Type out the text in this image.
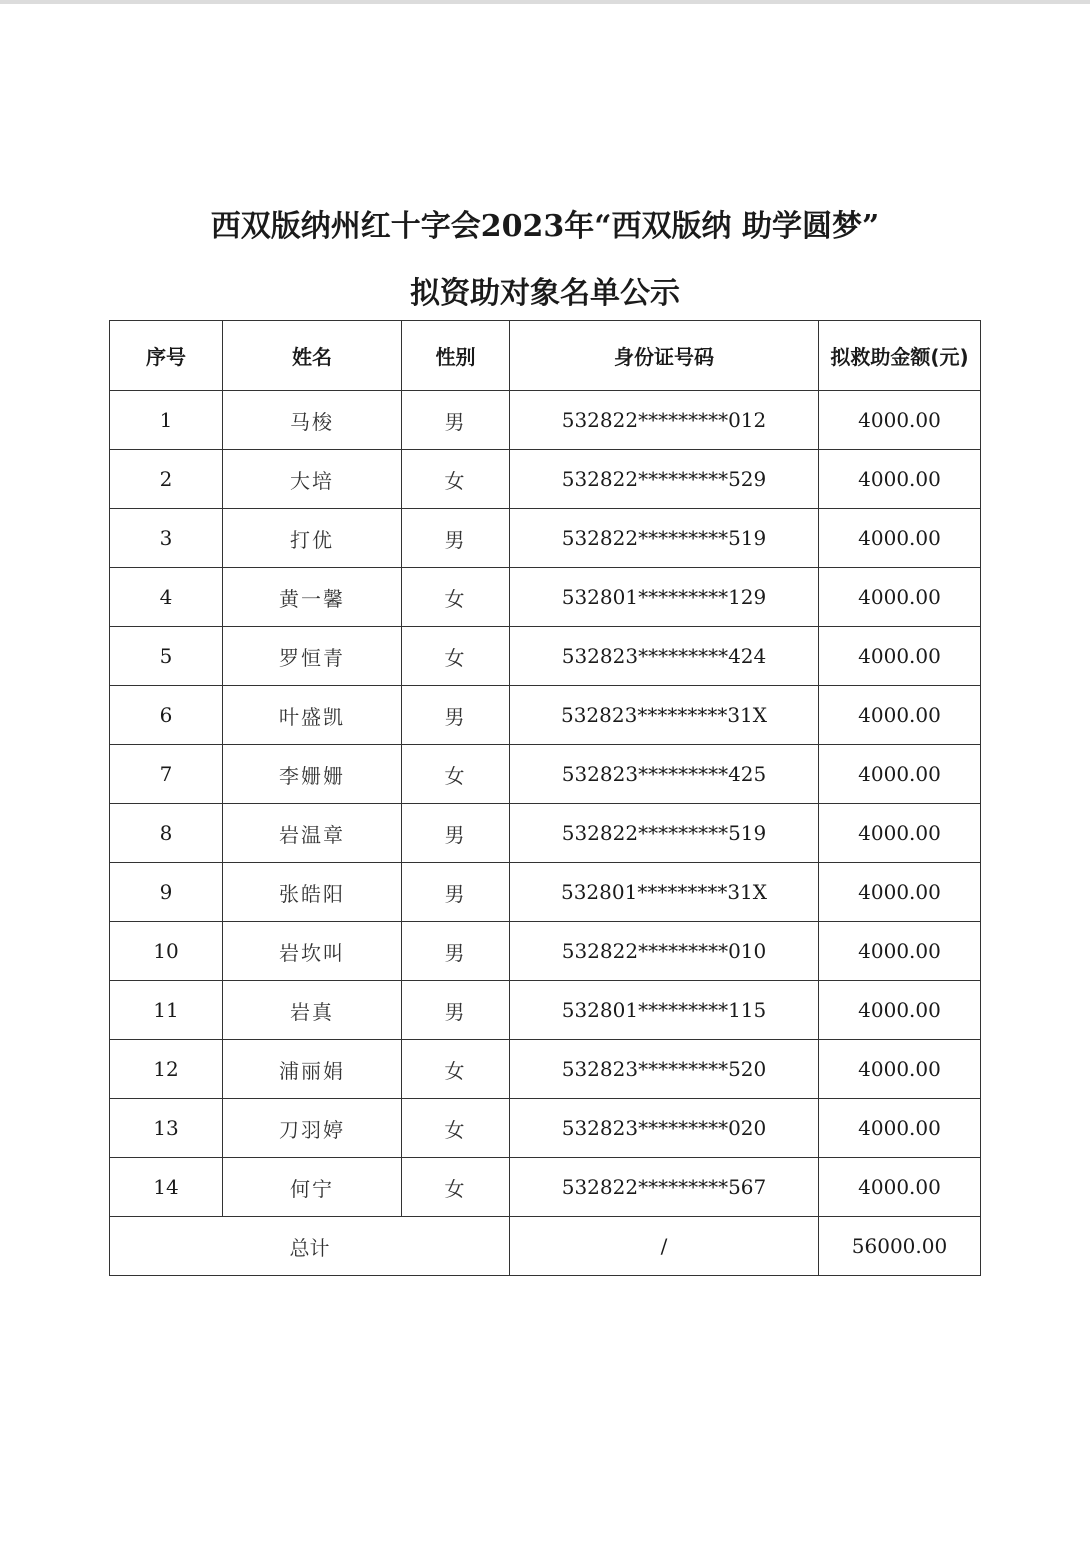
西双版纳州红十字会2023年“西双版纳 助学圆梦”
拟资助对象名单公示
序号	姓名	性别	身份证号码	拟救助金额(元)
1	马梭	男	532822*********012	4000.00
2	大培	女	532822*********529	4000.00
3	打优	男	532822*********519	4000.00
4	黄一馨	女	532801*********129	4000.00
5	罗恒青	女	532823*********424	4000.00
6	叶盛凯	男	532823*********31X	4000.00
7	李姗姗	女	532823*********425	4000.00
8	岩温章	男	532822*********519	4000.00
9	张皓阳	男	532801*********31X	4000.00
10	岩坎叫	男	532822*********010	4000.00
11	岩真	男	532801*********115	4000.00
12	浦丽娟	女	532823*********520	4000.00
13	刀羽婷	女	532823*********020	4000.00
14	何宁	女	532822*********567	4000.00
总计			/	56000.00
